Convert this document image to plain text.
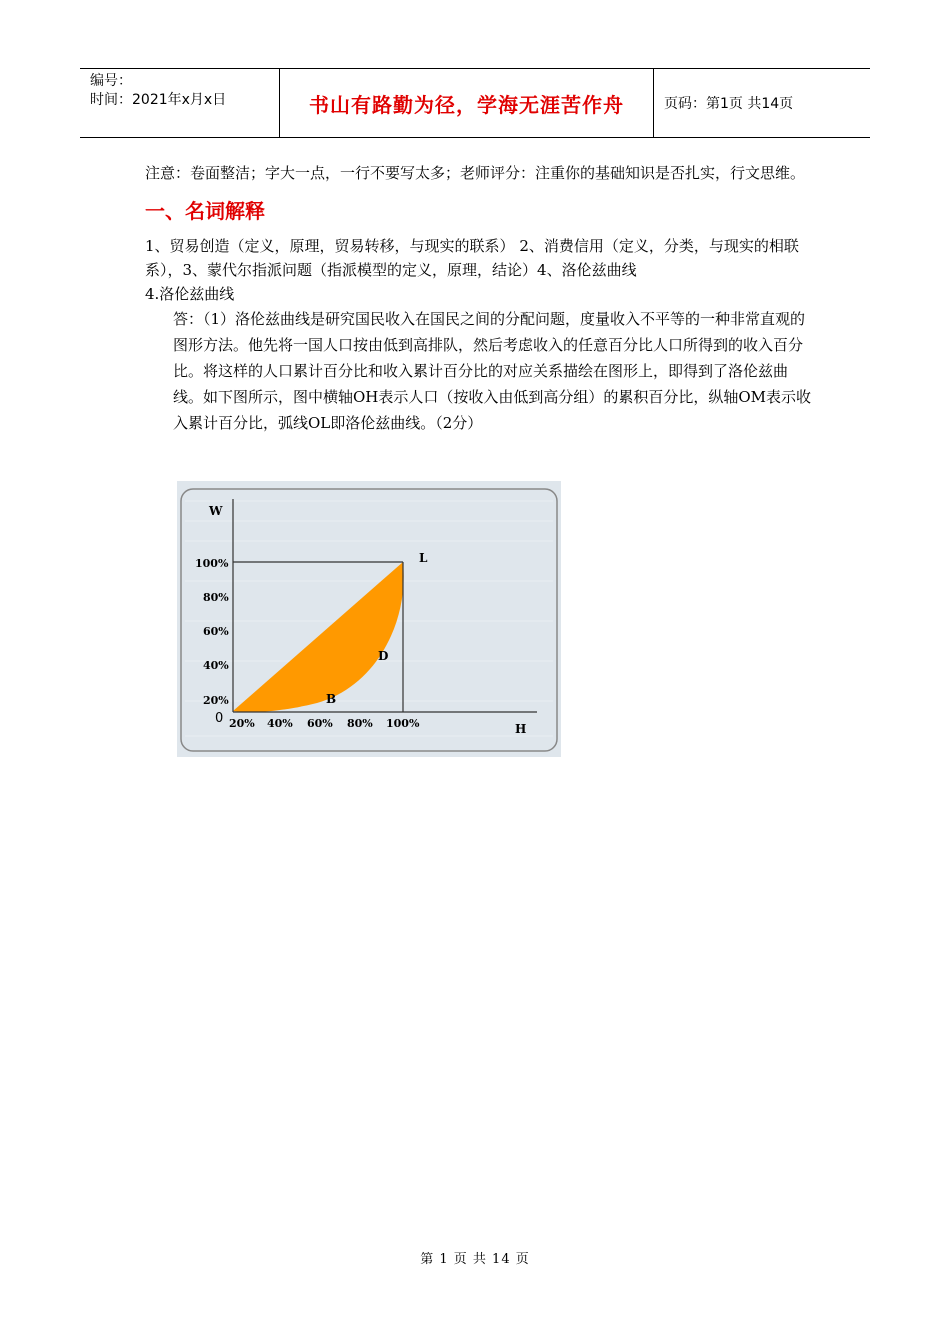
编号：
时间：2021年x月x日	书山有路勤为径，学海无涯苦作舟	页码：第1页 共14页

注意：卷面整洁；字大一点，一行不要写太多；老师评分：注重你的基础知识是否扎实，行文思维。

一、名词解释

1、贸易创造（定义，原理，贸易转移，与现实的联系） 2、消费信用（定义，分类，与现实的相联系），3、蒙代尔指派问题（指派模型的定义，原理，结论）4、洛伦兹曲线

4.洛伦兹曲线

答：（1）洛伦兹曲线是研究国民收入在国民之间的分配问题，度量收入不平等的一种非常直观的图形方法。他先将一国人口按由低到高排队，然后考虑收入的任意百分比人口所得到的收入百分比。将这样的人口累计百分比和收入累计百分比的对应关系描绘在图形上，即得到了洛伦兹曲线。如下图所示，图中横轴OH表示人口（按收入由低到高分组）的累积百分比，纵轴OM表示收入累计百分比，弧线OL即洛伦兹曲线。（2分）

W
H
0
100%
80%
60%
40%
20%
20% 40% 60% 80% 100%
L
D
B
第 1 页 共 14 页
